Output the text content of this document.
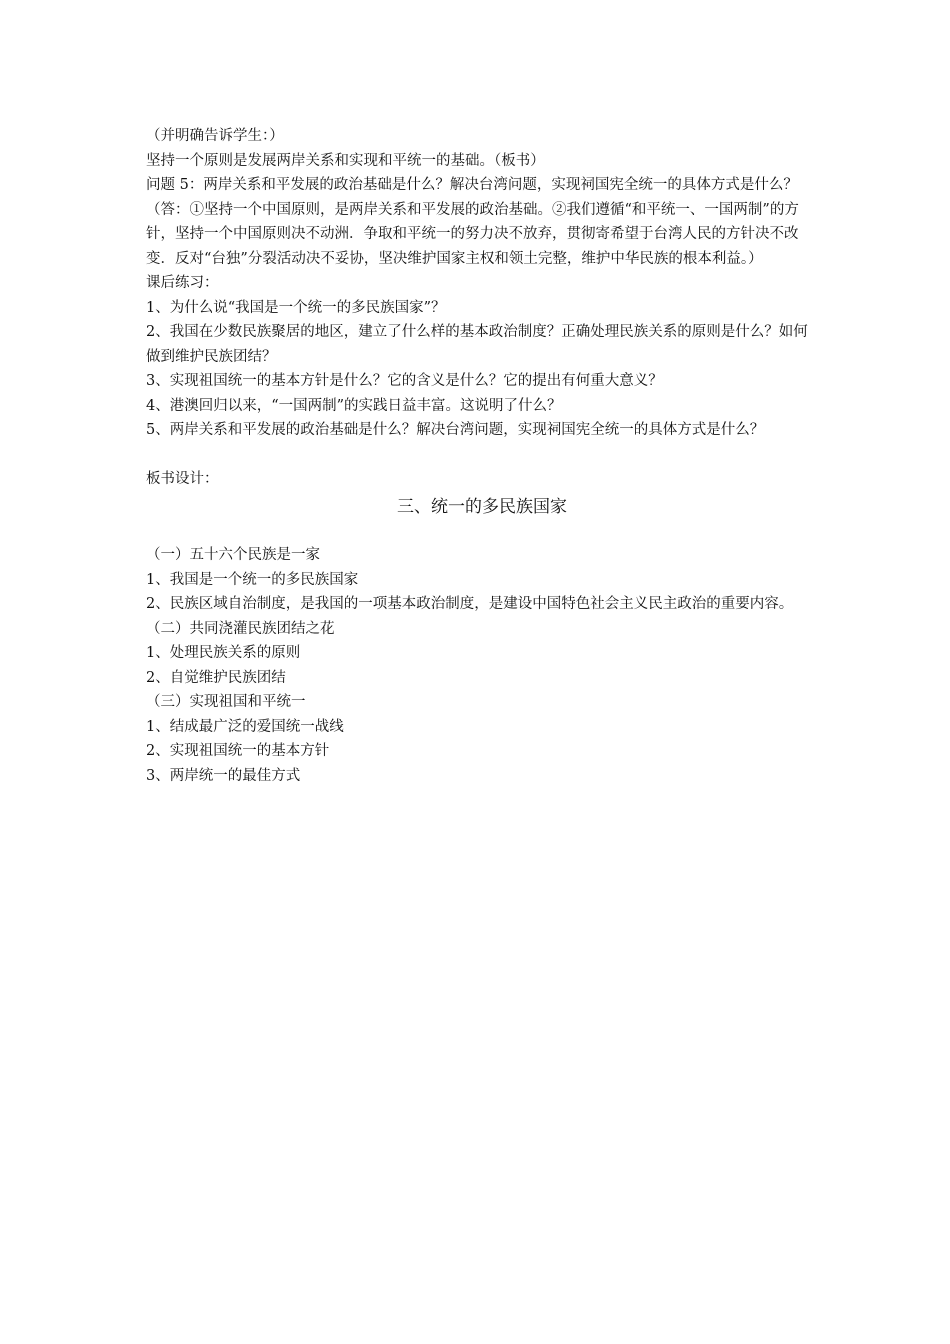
（并明确告诉学生：）

坚持一个原则是发展两岸关系和实现和平统一的基础。（板书）

问题 5：两岸关系和平发展的政治基础是什么？解决台湾问题，实现祠国宪全统一的具体方式是什么？

（答：①坚持一个中国原则，是两岸关系和平发展的政治基础。②我们遵循“和平统一、一国两制”的方针，坚持一个中国原则决不动洲．争取和平统一的努力决不放弃，贯彻寄希望于台湾人民的方针决不改变．反对“台独”分裂活动决不妥协，坚决维护国家主权和领土完整，维护中华民族的根本利益。）

课后练习：

1、为什么说“我国是一个统一的多民族国家”？

2、我国在少数民族聚居的地区，建立了什么样的基本政治制度？正确处理民族关系的原则是什么？如何做到维护民族团结？

3、实现祖国统一的基本方针是什么？它的含义是什么？它的提出有何重大意义？

4、港澳回归以来，“一国两制”的实践日益丰富。这说明了什么？

5、两岸关系和平发展的政治基础是什么？解决台湾问题，实现祠国宪全统一的具体方式是什么？

板书设计：

三、统一的多民族国家

（一）五十六个民族是一家

1、我国是一个统一的多民族国家

2、民族区域自治制度，是我国的一项基本政治制度，是建设中国特色社会主义民主政治的重要内容。

（二）共同浇灌民族团结之花

1、处理民族关系的原则

2、自觉维护民族团结

（三）实现祖国和平统一

1、结成最广泛的爱国统一战线

2、实现祖国统一的基本方针

3、两岸统一的最佳方式
